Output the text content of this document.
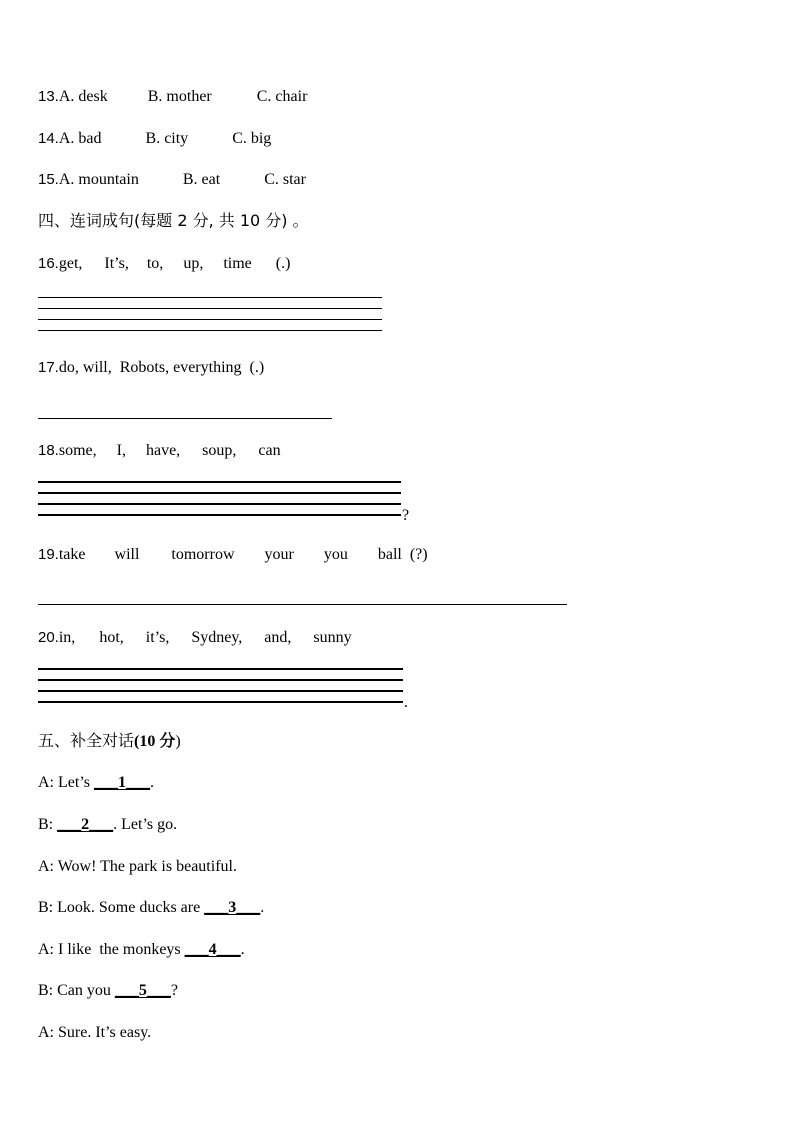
13.A. desk	B. mother	C. chair
14.A. bad	B. city	C. big
15.A. mountain	B. eat	C. star
四、连词成句(每题 2 分, 共 10 分) 。
16.get, It’s, to, up, time (.)
17.do, will,  Robots, everything  (.)
18.some, I, have, soup, can
?
19.take will tomorrow your you ball  (?)
20.in, hot, it’s, Sydney, and, sunny
.
五、补全对话(10 分)
A: Let’s ___1___.
B: ___2___. Let’s go.
A: Wow! The park is beautiful.
B: Look. Some ducks are ___3___.
A: I like  the monkeys ___4___.
B: Can you ___5___?
A: Sure. It’s easy.
